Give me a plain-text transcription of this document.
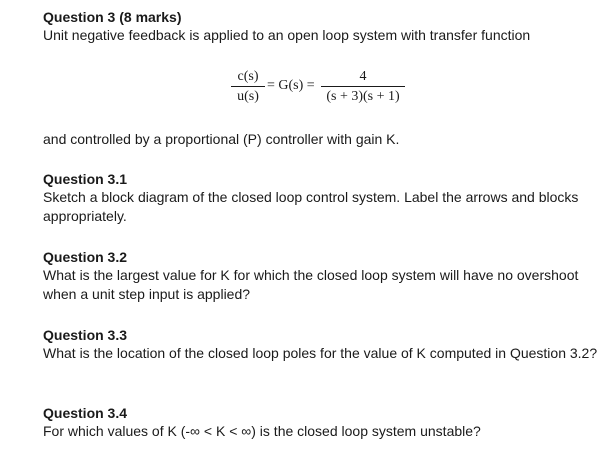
Question 3 (8 marks)

Unit negative feedback is applied to an open loop system with transfer function

c(s)
u(s)
= G(s) =
4
(s + 3)(s + 1)

and controlled by a proportional (P) controller with gain K.

Question 3.1

Sketch a block diagram of the closed loop control system. Label the arrows and blocks appropriately.

Question 3.2

What is the largest value for K for which the closed loop system will have no overshoot when a unit step input is applied?

Question 3.3

What is the location of the closed loop poles for the value of K computed in Question 3.2?

Question 3.4

For which values of K (-∞ < K < ∞) is the closed loop system unstable?
